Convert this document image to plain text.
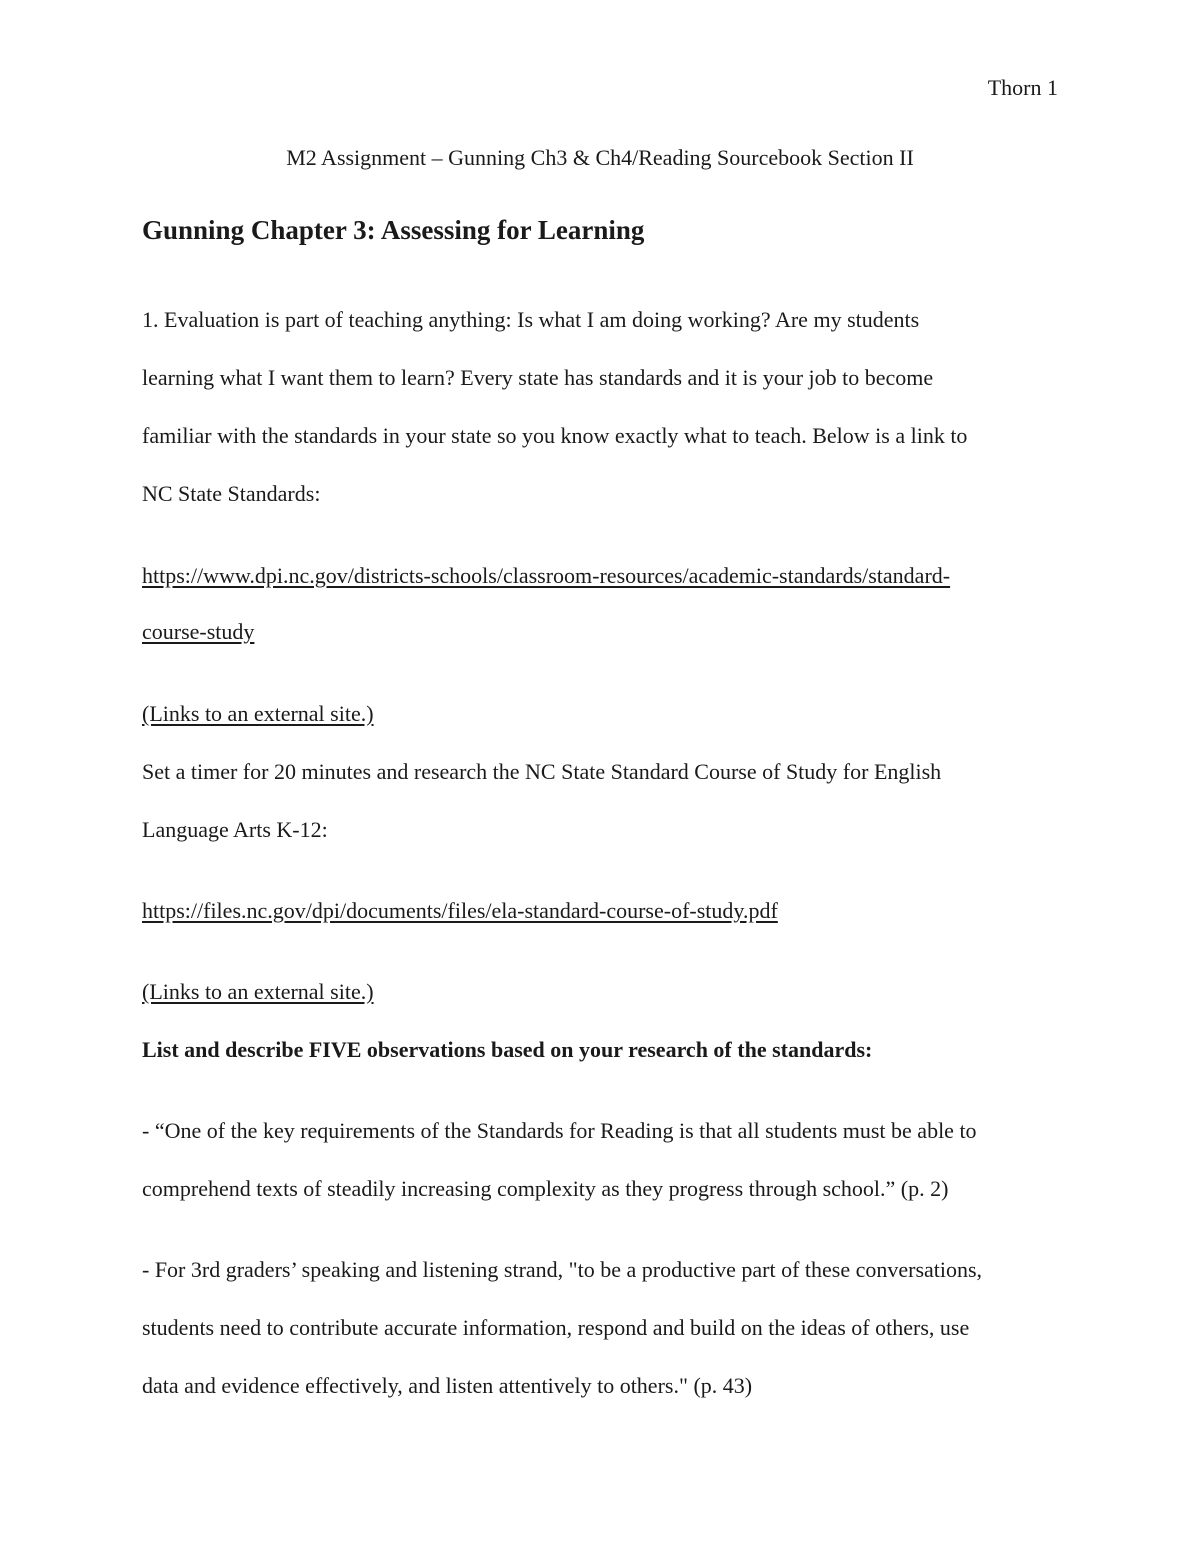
Thorn 1
M2 Assignment – Gunning Ch3 & Ch4/Reading Sourcebook Section II
Gunning Chapter 3: Assessing for Learning
1. Evaluation is part of teaching anything: Is what I am doing working? Are my students
learning what I want them to learn? Every state has standards and it is your job to become
familiar with the standards in your state so you know exactly what to teach. Below is a link to
NC State Standards:
https://www.dpi.nc.gov/districts-schools/classroom-resources/academic-standards/standard-
course-study
(Links to an external site.)
Set a timer for 20 minutes and research the NC State Standard Course of Study for English
Language Arts K-12:
https://files.nc.gov/dpi/documents/files/ela-standard-course-of-study.pdf
(Links to an external site.)
List and describe FIVE observations based on your research of the standards:
- “One of the key requirements of the Standards for Reading is that all students must be able to
comprehend texts of steadily increasing complexity as they progress through school.” (p. 2)
- For 3rd graders’ speaking and listening strand, "to be a productive part of these conversations,
students need to contribute accurate information, respond and build on the ideas of others, use
data and evidence effectively, and listen attentively to others." (p. 43)
